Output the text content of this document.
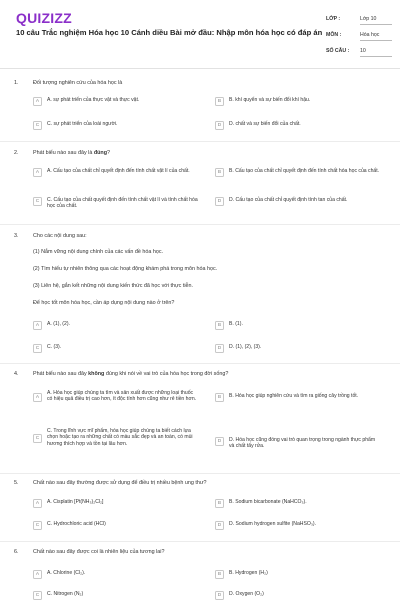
QUIZIZZ
10 câu Trắc nghiệm Hóa học 10 Cánh diều Bài mở đầu: Nhập môn hóa học có đáp án
LỚP :	Lớp 10
MÔN :	Hóa học
SỐ CÂU :	10
1.	Đối tượng nghiên cứu của hóa học là
A	A. sự phát triển của thực vật và thực vật.	B	B. khí quyển và sự biến đổi khí hậu.
C	C. sự phát triển của loài người.	D	D. chất và sự biến đổi của chất.
2.	Phát biểu nào sau đây là đúng?
A	A. Cấu tạo của chất chỉ quyết định đến tính chất vật lí của chất.	B	B. Cấu tạo của chất chỉ quyết định đến tính chất hóa học của chất.
C	C. Cấu tạo của chất quyết định đến tính chất vật lí và tính chất hóa học của chất.
D	D. Cấu tạo của chất chỉ quyết định tính tan của chất.
3.	Cho các nội dung sau:
(1) Nắm vững nội dung chính của các vấn đề hóa học.
(2) Tìm hiểu tự nhiên thông qua các hoạt động khám phá trong môn hóa học.
(3) Liên hệ, gắn kết những nội dung kiến thức đã học với thực tiễn.
Để học tốt môn hóa học, cần áp dụng nội dung nào ở trên?
A	A. (1), (2).	B	B. (1).
C	C. (3).	D	D. (1), (2), (3).
4.	Phát biểu nào sau đây không đúng khi nói về vai trò của hóa học trong đời sống?
A
A. Hóa học giúp chúng ta tìm và sản xuất được những loại thuốc có hiệu quả điều trị cao hơn, ít độc tính hơn cũng như rẻ tiền hơn.	B	B. Hóa học giúp nghiên cứu và tìm ra giống cây trồng tốt.
C
C. Trong lĩnh vực mĩ phẩm, hóa học giúp chúng ta biết cách lựa chọn hoặc tạo ra những chất có màu sắc đẹp và an toàn, có mùi hương thích hợp và tồn tại lâu hơn.	D	D. Hóa học cũng đóng vai trò quan trọng trong ngành thực phẩm và chất tẩy rửa.
5.	Chất nào sau đây thường được sử dụng để điều trị nhiều bệnh ung thư?
A	A. Cisplatin [Pt(NH₃)₂Cl₂]	B	B. Sodium bicarbonate (NaHCO₃).
C	C. Hydrochloric acid (HCl)	D	D. Sodium hydrogen sulfite (NaHSO₃).
6.	Chất nào sau đây được coi là nhiên liệu của tương lai?
A	A. Chlorine (Cl₂).	B	B. Hydrogen (H₂)
C	C. Nitrogen (N₂)	D	D. Oxygen (O₂)
